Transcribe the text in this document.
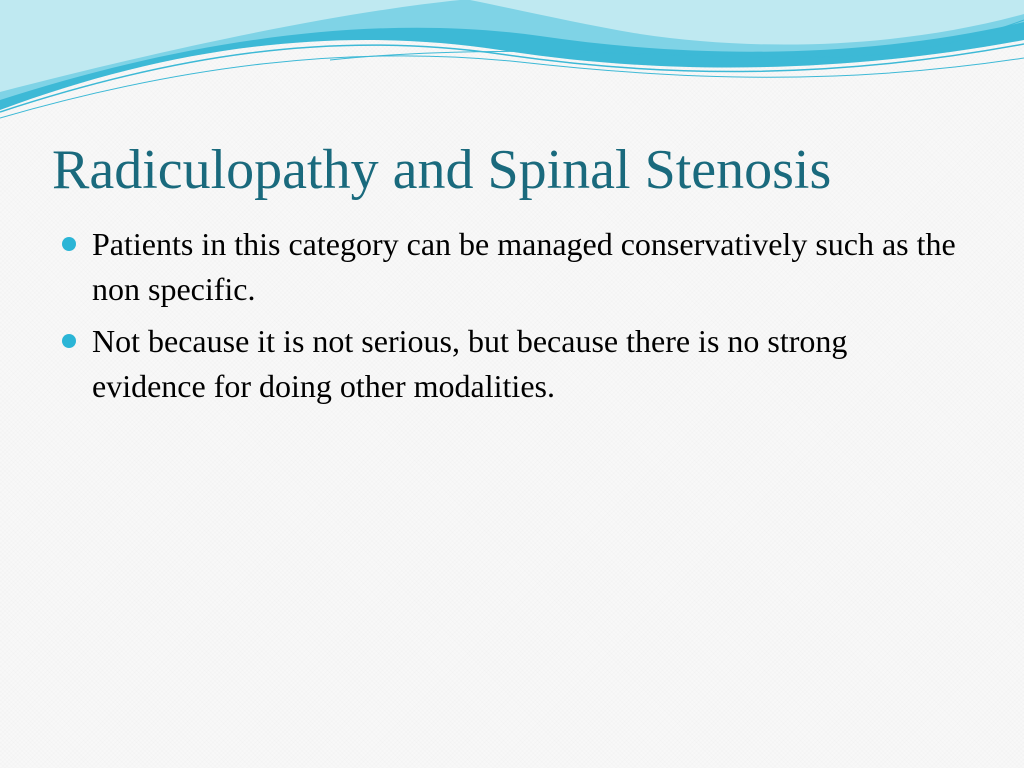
Radiculopathy and Spinal Stenosis
Patients in this category can be managed conservatively such as the non specific.
Not because it is not serious, but because there is no strong evidence for doing other modalities.
